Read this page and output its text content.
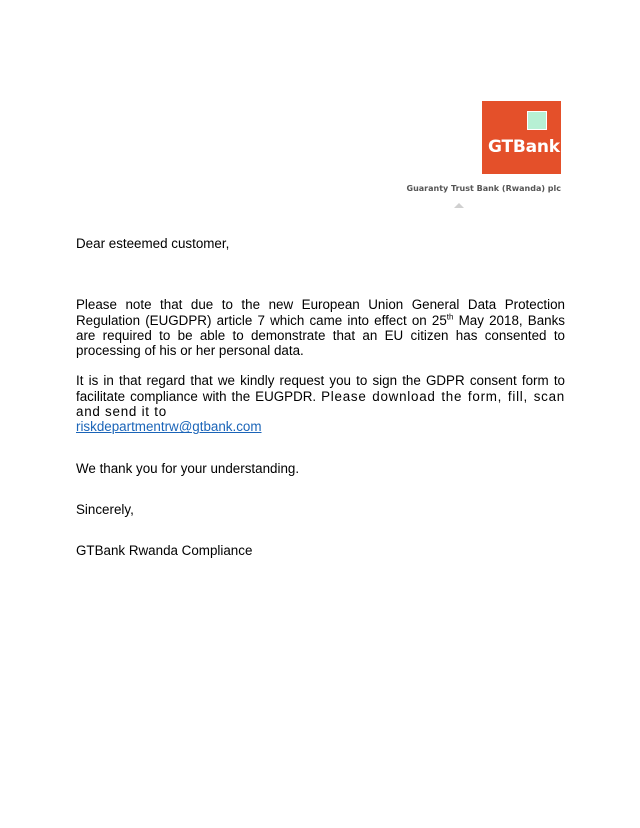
GTBank
Guaranty Trust Bank (Rwanda) plc

Dear esteemed customer,

Please note that due to the new European Union General Data Protection Regulation (EUGDPR) article 7 which came into effect on 25th May 2018, Banks are required to be able to demonstrate that an EU citizen has consented to processing of his or her personal data.

It is in that regard that we kindly request you to sign the GDPR consent form to facilitate compliance with the EUGPDR. Please download the form, fill, scan and send it to
riskdepartmentrw@gtbank.com

We thank you for your understanding.

Sincerely,

GTBank Rwanda Compliance
